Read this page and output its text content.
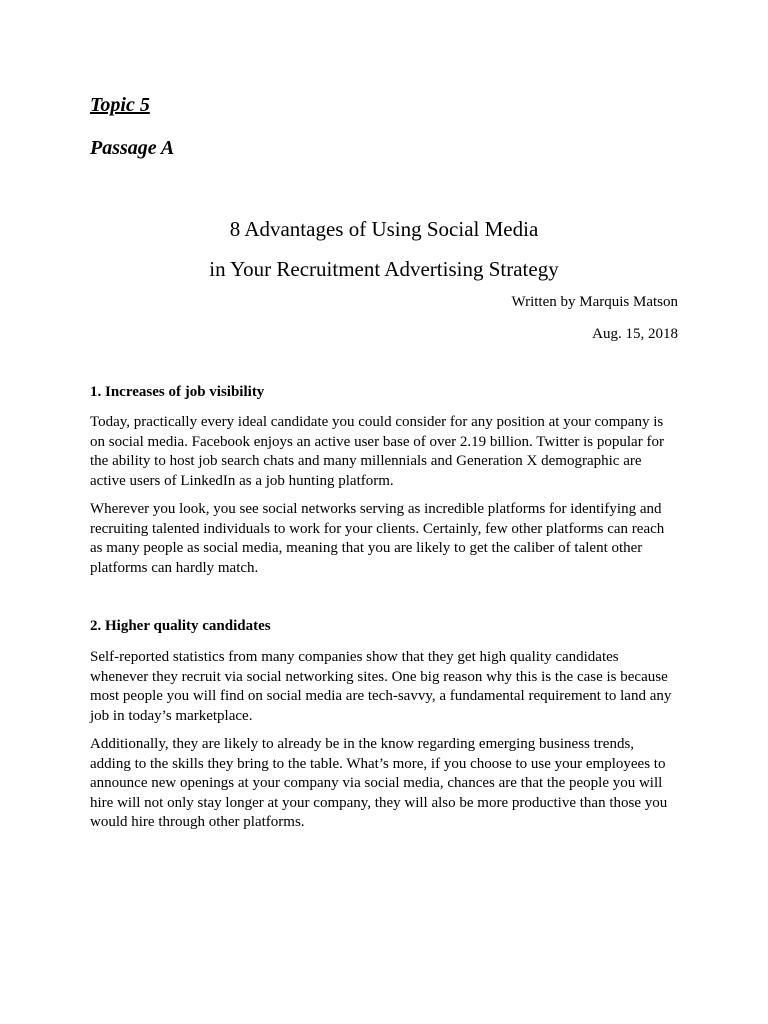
Topic 5
Passage A
8 Advantages of Using Social Media
in Your Recruitment Advertising Strategy
Written by Marquis Matson
Aug. 15, 2018
1. Increases of job visibility
Today, practically every ideal candidate you could consider for any position at your company is
on social media. Facebook enjoys an active user base of over 2.19 billion. Twitter is popular for
the ability to host job search chats and many millennials and Generation X demographic are
active users of LinkedIn as a job hunting platform.
Wherever you look, you see social networks serving as incredible platforms for identifying and
recruiting talented individuals to work for your clients. Certainly, few other platforms can reach
as many people as social media, meaning that you are likely to get the caliber of talent other
platforms can hardly match.
2. Higher quality candidates
Self-reported statistics from many companies show that they get high quality candidates
whenever they recruit via social networking sites. One big reason why this is the case is because
most people you will find on social media are tech-savvy, a fundamental requirement to land any
job in today’s marketplace.
Additionally, they are likely to already be in the know regarding emerging business trends,
adding to the skills they bring to the table. What’s more, if you choose to use your employees to
announce new openings at your company via social media, chances are that the people you will
hire will not only stay longer at your company, they will also be more productive than those you
would hire through other platforms.
